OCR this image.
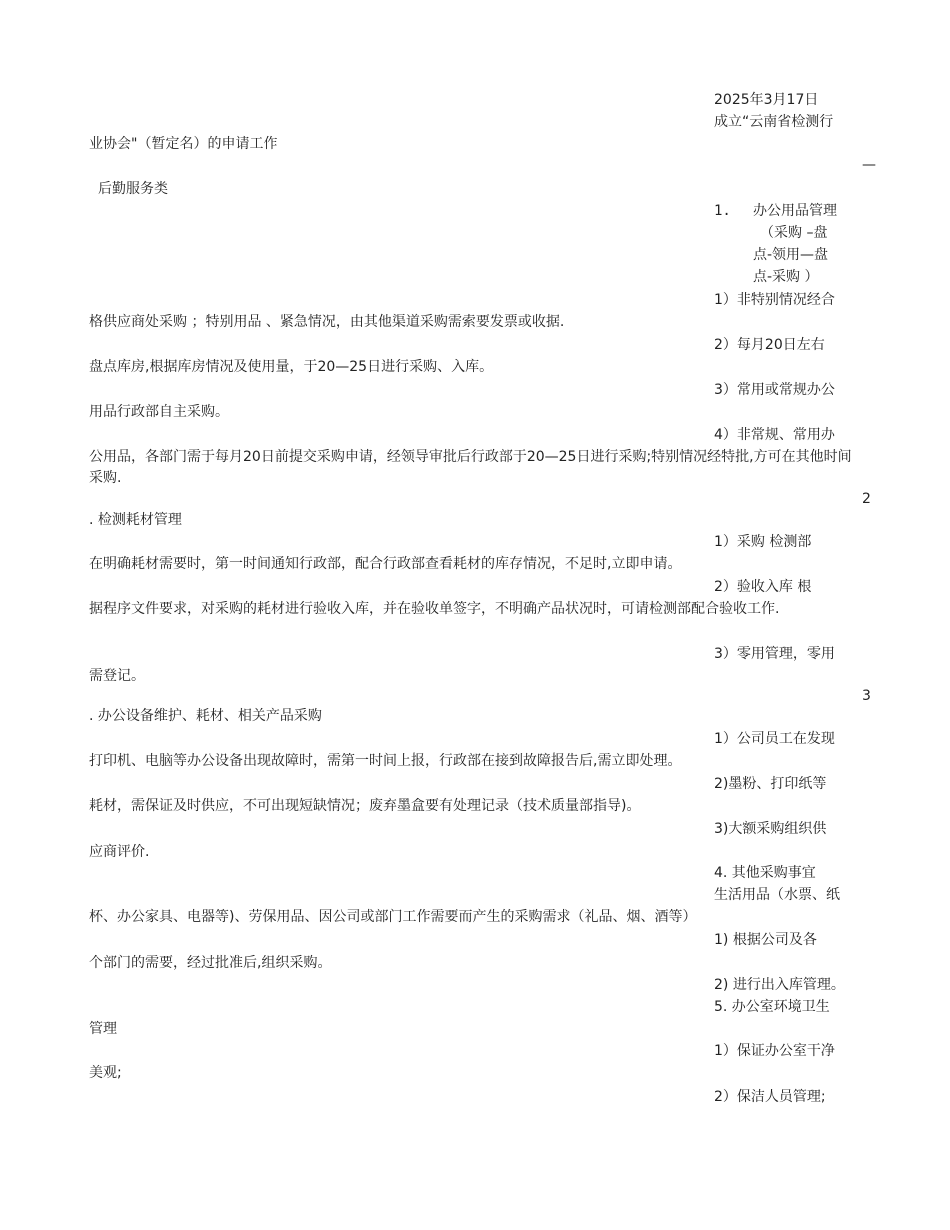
2025年3月17日

成立“云南省检测行

业协会"（暂定名）的申请工作

—

后勤服务类

1. 办公用品管理

（采购 –盘

点-领用—盘

点-采购 ）

1）非特别情况经合

格供应商处采购 ；特别用品 、紧急情况，由其他渠道采购需索要发票或收据.

2）每月20日左右

盘点库房,根据库房情况及使用量，于20—25日进行采购、入库。

3）常用或常规办公

用品行政部自主采购。

4）非常规、常用办

公用品，各部门需于每月20日前提交采购申请，经领导审批后行政部于20—25日进行采购;特别情况经特批,方可在其他时间采购.

2

. 检测耗材管理

1）采购 检测部

在明确耗材需要时，第一时间通知行政部，配合行政部查看耗材的库存情况，不足时,立即申请。

2）验收入库 根

据程序文件要求，对采购的耗材进行验收入库，并在验收单签字，不明确产品状况时，可请检测部配合验收工作.

3）零用管理，零用

需登记。

3

. 办公设备维护、耗材、相关产品采购

1）公司员工在发现

打印机、电脑等办公设备出现故障时，需第一时间上报，行政部在接到故障报告后,需立即处理。

2)墨粉、打印纸等

耗材，需保证及时供应，不可出现短缺情况；废弃墨盒要有处理记录（技术质量部指导)。

3)大额采购组织供

应商评价.

4. 其他采购事宜

生活用品（水票、纸

杯、办公家具、电器等)、劳保用品、因公司或部门工作需要而产生的采购需求（礼品、烟、酒等）

1) 根据公司及各

个部门的需要，经过批准后,组织采购。

2) 进行出入库管理。

5. 办公室环境卫生

管理

1）保证办公室干净

美观;

2）保洁人员管理;
